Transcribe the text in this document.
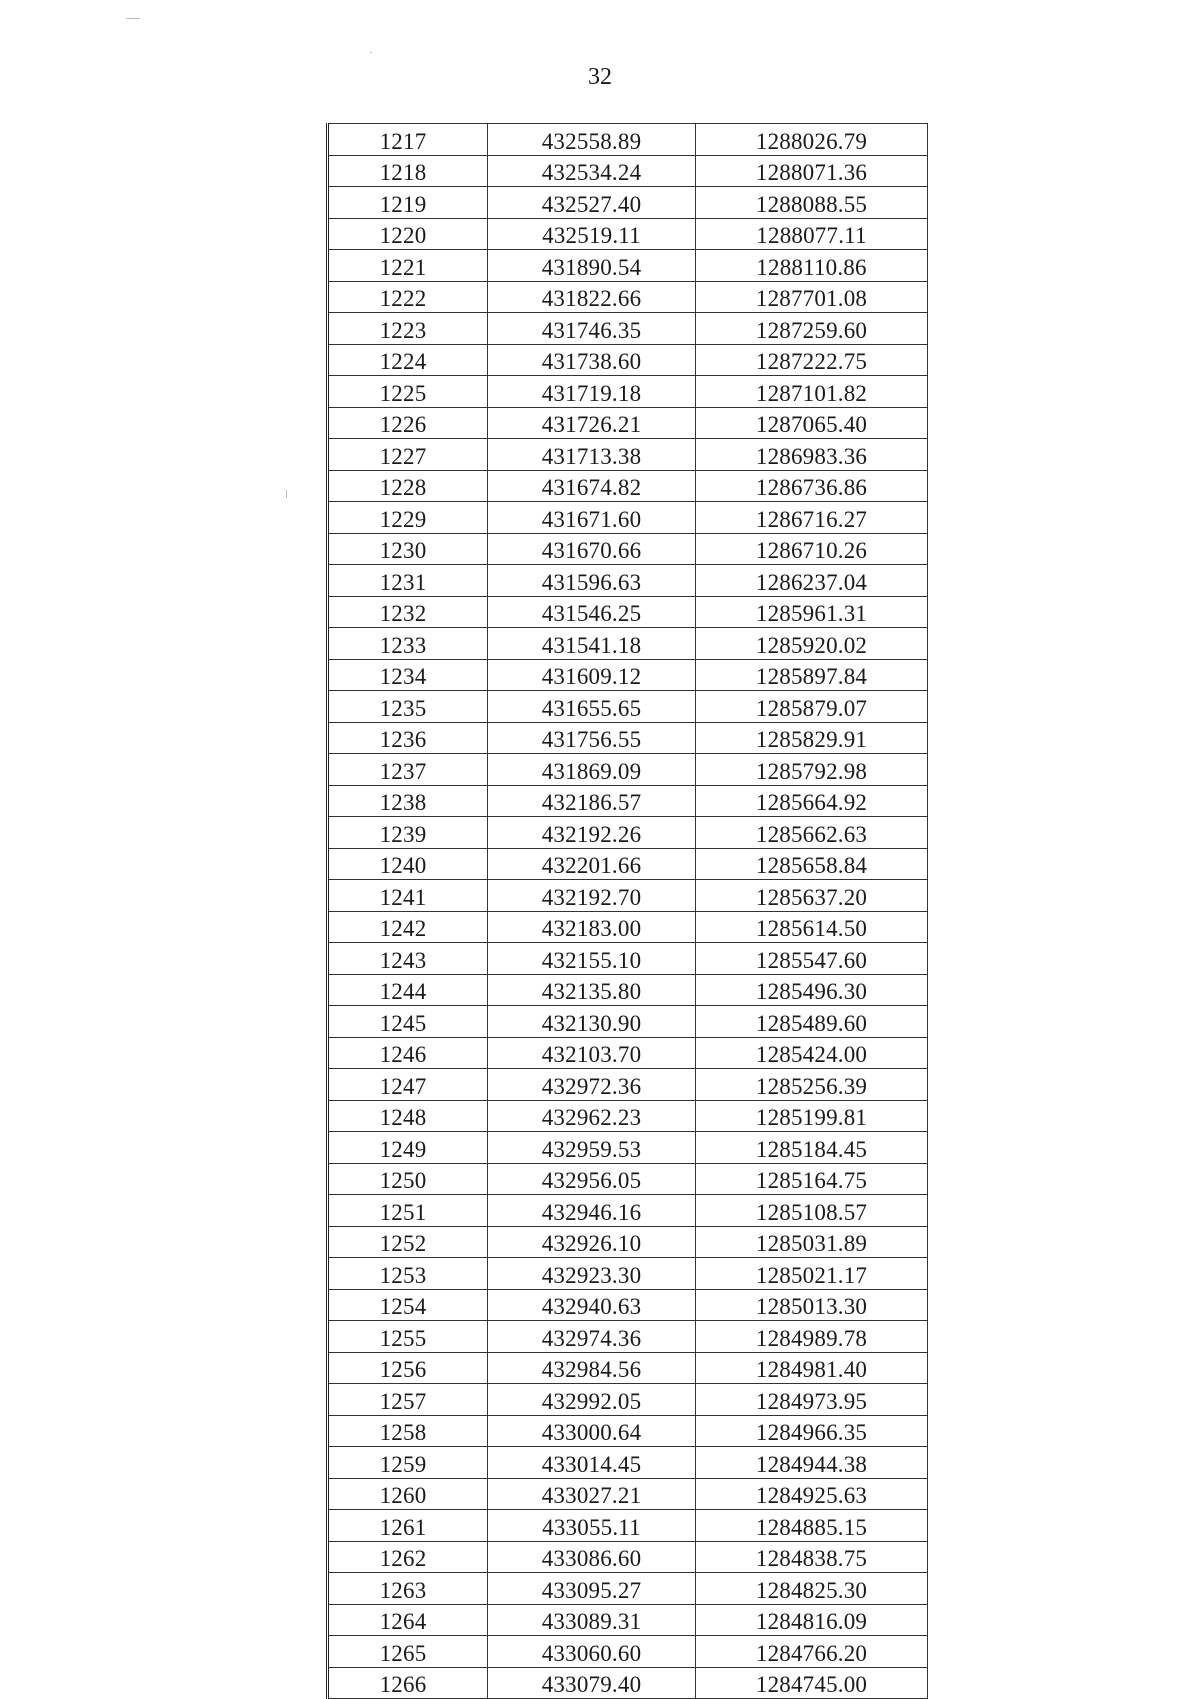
32
1217	432558.89	1288026.79
1218	432534.24	1288071.36
1219	432527.40	1288088.55
1220	432519.11	1288077.11
1221	431890.54	1288110.86
1222	431822.66	1287701.08
1223	431746.35	1287259.60
1224	431738.60	1287222.75
1225	431719.18	1287101.82
1226	431726.21	1287065.40
1227	431713.38	1286983.36
1228	431674.82	1286736.86
1229	431671.60	1286716.27
1230	431670.66	1286710.26
1231	431596.63	1286237.04
1232	431546.25	1285961.31
1233	431541.18	1285920.02
1234	431609.12	1285897.84
1235	431655.65	1285879.07
1236	431756.55	1285829.91
1237	431869.09	1285792.98
1238	432186.57	1285664.92
1239	432192.26	1285662.63
1240	432201.66	1285658.84
1241	432192.70	1285637.20
1242	432183.00	1285614.50
1243	432155.10	1285547.60
1244	432135.80	1285496.30
1245	432130.90	1285489.60
1246	432103.70	1285424.00
1247	432972.36	1285256.39
1248	432962.23	1285199.81
1249	432959.53	1285184.45
1250	432956.05	1285164.75
1251	432946.16	1285108.57
1252	432926.10	1285031.89
1253	432923.30	1285021.17
1254	432940.63	1285013.30
1255	432974.36	1284989.78
1256	432984.56	1284981.40
1257	432992.05	1284973.95
1258	433000.64	1284966.35
1259	433014.45	1284944.38
1260	433027.21	1284925.63
1261	433055.11	1284885.15
1262	433086.60	1284838.75
1263	433095.27	1284825.30
1264	433089.31	1284816.09
1265	433060.60	1284766.20
1266	433079.40	1284745.00
